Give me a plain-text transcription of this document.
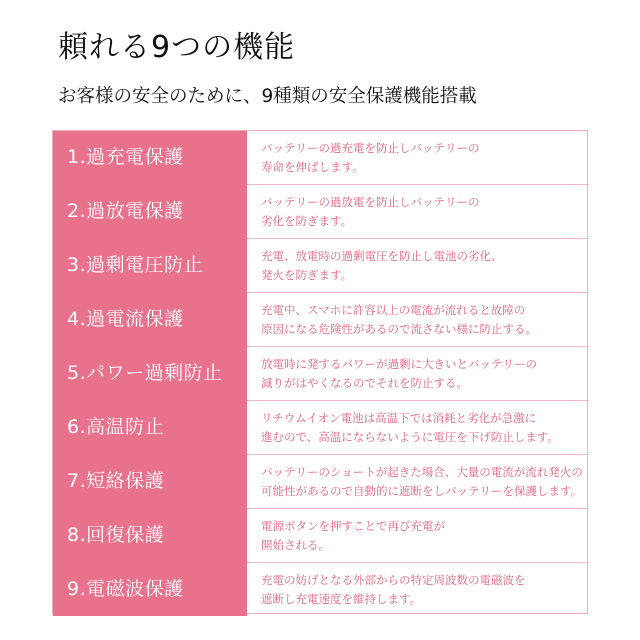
頼れる9つの機能
お客様の安全のために、9種類の安全保護機能搭載
1.過充電保護	バッテリーの過充電を防止しバッテリーの
寿命を伸ばします。
2.過放電保護	バッテリーの過放電を防止しバッテリーの
劣化を防ぎます。
3.過剰電圧防止	充電、放電時の過剰電圧を防止し電池の劣化、
発火を防ぎます。
4.過電流保護	充電中、スマホに許容以上の電流が流れると故障の
原因になる危険性があるので流さない様に防止する。
5.パワー過剰防止	放電時に発するパワーが過剰に大きいとバッテリーの
減りがはやくなるのでそれを防止する。
6.高温防止	リチウムイオン電池は高温下では消耗と劣化が急激に
進むので、高温にならないように電圧を下げ防止します。
7.短絡保護	バッテリーのショートが起きた場合、大量の電流が流れ発火の
可能性があるので自動的に遮断をしバッテリーを保護します。
8.回復保護	電源ボタンを押すことで再び充電が
開始される。
9.電磁波保護	充電の妨げとなる外部からの特定周波数の電磁波を
遮断し充電速度を維持します。
